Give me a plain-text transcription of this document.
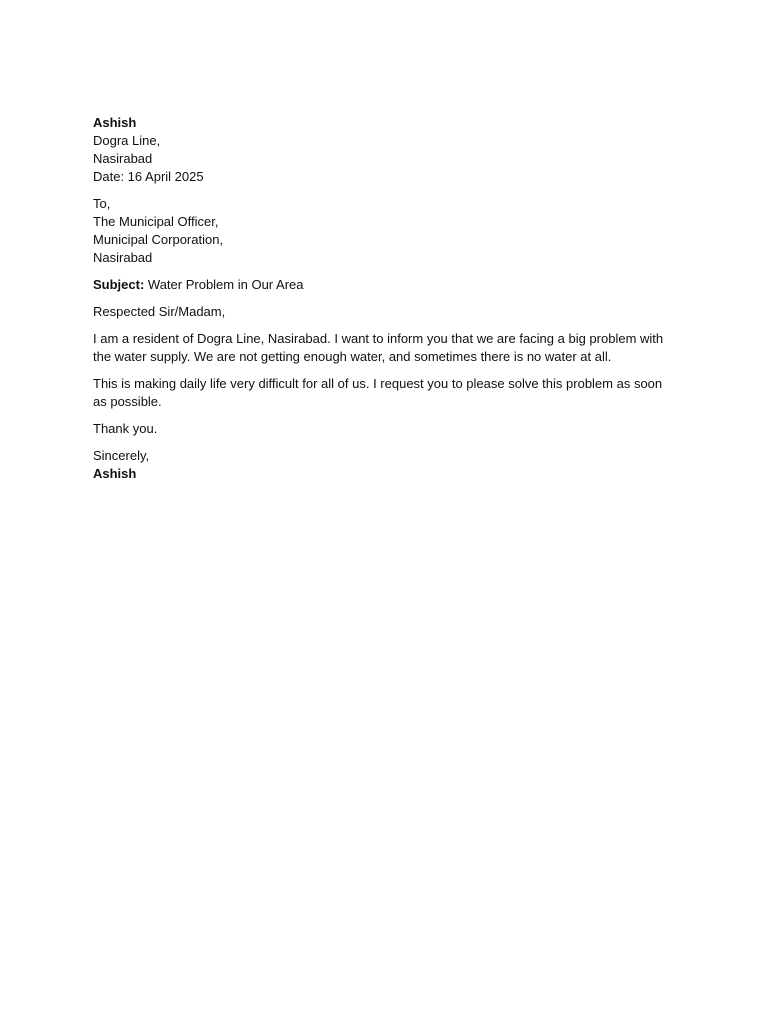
Ashish
Dogra Line,
Nasirabad
Date: 16 April 2025
To,
The Municipal Officer,
Municipal Corporation,
Nasirabad
Subject: Water Problem in Our Area
Respected Sir/Madam,
I am a resident of Dogra Line, Nasirabad. I want to inform you that we are facing a big problem with the water supply. We are not getting enough water, and sometimes there is no water at all.
This is making daily life very difficult for all of us. I request you to please solve this problem as soon as possible.
Thank you.
Sincerely,
Ashish
